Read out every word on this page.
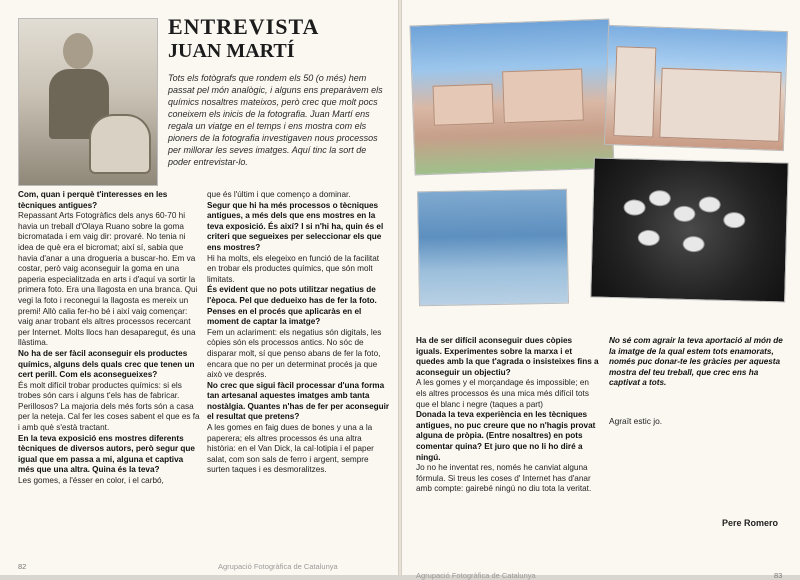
ENTREVISTA
JUAN MARTÍ
Tots els fotògrafs que rondem els 50 (o més) hem passat pel món analògic, i alguns ens preparàvem els químics nosaltres mateixos, però crec que molt pocs coneixem els inicis de la fotografia. Juan Martí ens regala un viatge en el temps i ens mostra com els pioners de la fotografia investigaven nous processos per millorar les seves imatges. Aquí tinc la sort de poder entrevistar-lo.

Com, quan i perquè t'interesses en les tècniques antigues?

Repassant Arts Fotogràfics dels anys 60-70 hi havia un treball d'Olaya Ruano sobre la goma bicromatada i em vaig dir: provaré. No tenia ni idea de què era el bicromat; així sí, sabia que havia d'anar a una drogueria a buscar-ho. Em va costar, però vaig aconseguir la goma en una paperia especialitzada en arts i d'aquí va sortir la primera foto. Era una llagosta en una branca. Qui vegi la foto i reconegui la llagosta es mereix un premi! Allò calia fer-ho bé i així vaig començar: vaig anar trobant els altres processos recercant per Internet. Molts llocs han desaparegut, és una llàstima.

No ha de ser fàcil aconseguir els productes químics, alguns dels quals crec que tenen un cert perill. Com els aconsegueixes?

És molt difícil trobar productes químics: si els trobes són cars i alguns t'els has de fabricar. Perillosos? La majoria dels més forts són a casa per la neteja. Cal fer les coses sabent el que es fa i amb què s'està tractant.

En la teva exposició ens mostres diferents tècniques de diversos autors, però segur que igual que em passa a mi, alguna et captiva més que una altra. Quina és la teva?

Les gomes, a l'ésser en color, i el carbó,

que és l'últim i que començo a dominar.

Segur que hi ha més processos o tècniques antigues, a més dels que ens mostres en la teva exposició. És així? I si n'hi ha, quin és el criteri que segueixes per seleccionar els que ens mostres?

Hi ha molts, els elegeixo en funció de la facilitat en trobar els productes químics, que són molt limitats.

És evident que no pots utilitzar negatius de l'època. Pel que dedueixo has de fer la foto. Penses en el procés que aplicaràs en el moment de captar la imatge?

Fem un aclariment: els negatius són digitals, les còpies són els processos antics. No sóc de disparar molt, sí que penso abans de fer la foto, encara que no per un determinat procés ja que això ve després.

No crec que sigui fàcil processar d'una forma tan artesanal aquestes imatges amb tanta nostàlgia. Quantes n'has de fer per aconseguir el resultat que pretens?

A les gomes en faig dues de bones y una a la paperera; els altres processos és una altra història: en el Van Dick, la cal·lotipia i el paper salat, com son sals de ferro i argent, sempre surten taques i es desmoralitzes.

82	Agrupació Fotogràfica de Catalunya

Ha de ser difícil aconseguir dues còpies iguals. Experimentes sobre la marxa i et quedes amb la que t'agrada o insisteixes fins a aconseguir un objectiu?

A les gomes y el morçandage és impossible; en els altres processos és una mica més difícil tots que el blanc i negre (taques a part)

Donada la teva experiència en les tècniques antigues, no puc creure que no n'hagis provat alguna de pròpia. (Entre nosaltres) en pots comentar quina? Et juro que no li ho diré a ningú.

Jo no he inventat res, només he canviat alguna fórmula. Si treus les coses d' Internet has d'anar amb compte: gairebé ningú no diu tota la veritat.

No sé com agrair la teva aportació al món de la imatge de la qual estem tots enamorats, només puc donar-te les gràcies per aquesta mostra del teu treball, que crec ens ha captivat a tots.

Agraït estic jo.
Pere Romero
Agrupació Fotogràfica de Catalunya	83
